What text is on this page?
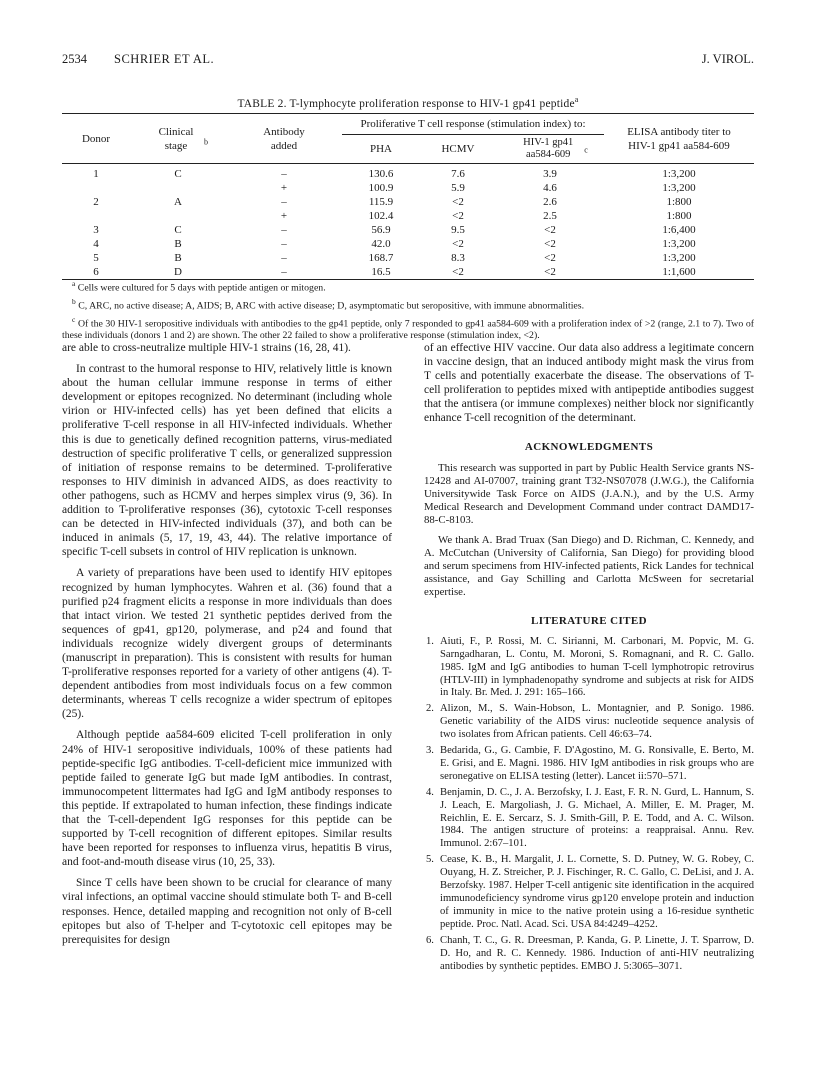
2534 SCHRIER ET AL.	J. VIROL.
TABLE 2. T-lymphocyte proliferation response to HIV-1 gp41 peptide$^a$
Donor	Clinical stage $^b$	Antibody added	Proliferative T cell response (stimulation index) to:			ELISA antibody titer to HIV-1 gp41 aa584-609
			PHA	HCMV	HIV-1 gp41 aa584-609 $^c$
1	C	–	130.6	7.6	3.9	1:3,200
		+	100.9	5.9	4.6	1:3,200
2	A	–	115.9	<2	2.6	1:800
		+	102.4	<2	2.5	1:800
3	C	–	56.9	9.5	<2	1:6,400
4	B	–	42.0	<2	<2	1:3,200
5	B	–	168.7	8.3	<2	1:3,200
6	D	–	16.5	<2	<2	1:1,600

$^a$ Cells were cultured for 5 days with peptide antigen or mitogen.

$^b$ C, ARC, no active disease; A, AIDS; B, ARC with active disease; D, asymptomatic but seropositive, with immune abnormalities.

$^c$ Of the 30 HIV-1 seropositive individuals with antibodies to the gp41 peptide, only 7 responded to gp41 aa584-609 with a proliferation index of >2 (range, 2.1 to 7). Two of these individuals (donors 1 and 2) are shown. The other 22 failed to show a proliferative response (stimulation index, <2).

are able to cross-neutralize multiple HIV-1 strains (16, 28, 41).

In contrast to the humoral response to HIV, relatively little is known about the human cellular immune response in terms of either development or epitopes recognized. No determinant (including whole virion or HIV-infected cells) has yet been defined that elicits a proliferative T-cell response in all HIV-infected individuals. Whether this is due to genetically defined recognition patterns, virus-mediated destruction of specific proliferative T cells, or generalized suppression of initiation of response remains to be determined. T-proliferative responses to HIV diminish in advanced AIDS, as does reactivity to other pathogens, such as HCMV and herpes simplex virus (9, 36). In addition to T-proliferative responses (36), cytotoxic T-cell responses can be detected in HIV-infected individuals (37), and both can be induced in animals (5, 17, 19, 43, 44). The relative importance of specific T-cell subsets in control of HIV replication is unknown.

A variety of preparations have been used to identify HIV epitopes recognized by human lymphocytes. Wahren et al. (36) found that a purified p24 fragment elicits a response in more individuals than does that intact virion. We tested 21 synthetic peptides derived from the sequences of gp41, gp120, polymerase, and p24 and found that individuals recognize widely divergent groups of determinants (manuscript in preparation). This is consistent with results for human T-proliferative responses reported for a variety of other antigens (4). T-dependent antibodies from most individuals focus on a few common determinants, whereas T cells recognize a wider spectrum of epitopes (25).

Although peptide aa584-609 elicited T-cell proliferation in only 24% of HIV-1 seropositive individuals, 100% of these patients had peptide-specific IgG antibodies. T-cell-deficient mice immunized with peptide failed to generate IgG but made IgM antibodies. In contrast, immunocompetent littermates had IgG and IgM antibody responses to this peptide. If extrapolated to human infection, these findings indicate that the T-cell-dependent IgG responses for this peptide can be supported by T-cell recognition of different epitopes. Similar results have been reported for responses to influenza virus, hepatitis B virus, and foot-and-mouth disease virus (10, 25, 33).

Since T cells have been shown to be crucial for clearance of many viral infections, an optimal vaccine should stimulate both T- and B-cell responses. Hence, detailed mapping and recognition not only of B-cell epitopes but also of T-helper and T-cytotoxic cell epitopes may be prerequisites for design

of an effective HIV vaccine. Our data also address a legitimate concern in vaccine design, that an induced antibody might mask the virus from T cells and potentially exacerbate the disease. The observations of T-cell proliferation to peptides mixed with antipeptide antibodies suggest that the antisera (or immune complexes) neither block nor significantly enhance T-cell recognition of the determinant.

ACKNOWLEDGMENTS

This research was supported in part by Public Health Service grants NS-12428 and AI-07007, training grant T32-NS07078 (J.W.G.), the California Universitywide Task Force on AIDS (J.A.N.), and by the U.S. Army Medical Research and Development Command under contract DAMD17-88-C-8103.

We thank A. Brad Truax (San Diego) and D. Richman, C. Kennedy, and A. McCutchan (University of California, San Diego) for providing blood and serum specimens from HIV-infected patients, Rick Landes for technical assistance, and Gay Schilling and Carlotta McSween for secretarial expertise.

LITERATURE CITED
1. Aiuti, F., P. Rossi, M. C. Sirianni, M. Carbonari, M. Popvic, M. G. Sarngadharan, L. Contu, M. Moroni, S. Romagnani, and R. C. Gallo. 1985. IgM and IgG antibodies to human T-cell lymphotropic retrovirus (HTLV-III) in lymphadenopathy syndrome and subjects at risk for AIDS in Italy. Br. Med. J. 291: 165–166.
2. Alizon, M., S. Wain-Hobson, L. Montagnier, and P. Sonigo. 1986. Genetic variability of the AIDS virus: nucleotide sequence analysis of two isolates from African patients. Cell 46:63–74.
3. Bedarida, G., G. Cambie, F. D'Agostino, M. G. Ronsivalle, E. Berto, M. E. Grisi, and E. Magni. 1986. HIV IgM antibodies in risk groups who are seronegative on ELISA testing (letter). Lancet ii:570–571.
4. Benjamin, D. C., J. A. Berzofsky, I. J. East, F. R. N. Gurd, L. Hannum, S. J. Leach, E. Margoliash, J. G. Michael, A. Miller, E. M. Prager, M. Reichlin, E. E. Sercarz, S. J. Smith-Gill, P. E. Todd, and A. C. Wilson. 1984. The antigen structure of proteins: a reappraisal. Annu. Rev. Immunol. 2:67–101.
5. Cease, K. B., H. Margalit, J. L. Cornette, S. D. Putney, W. G. Robey, C. Ouyang, H. Z. Streicher, P. J. Fischinger, R. C. Gallo, C. DeLisi, and J. A. Berzofsky. 1987. Helper T-cell antigenic site identification in the acquired immunodeficiency syndrome virus gp120 envelope protein and induction of immunity in mice to the native protein using a 16-residue synthetic peptide. Proc. Natl. Acad. Sci. USA 84:4249–4252.
6. Chanh, T. C., G. R. Dreesman, P. Kanda, G. P. Linette, J. T. Sparrow, D. D. Ho, and R. C. Kennedy. 1986. Induction of anti-HIV neutralizing antibodies by synthetic peptides. EMBO J. 5:3065–3071.
